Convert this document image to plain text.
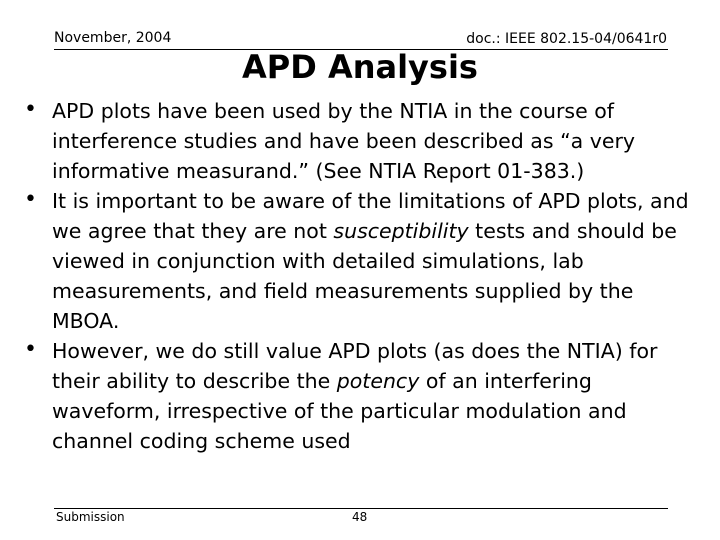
November, 2004	doc.: IEEE 802.15-04/0641r0
APD Analysis
• APD plots have been used by the NTIA in the course of interference studies and have been described as “a very informative measurand.” (See NTIA Report 01-383.)
• It is important to be aware of the limitations of APD plots, and we agree that they are not susceptibility tests and should be viewed in conjunction with detailed simulations, lab measurements, and field measurements supplied by the MBOA.
• However, we do still value APD plots (as does the NTIA) for their ability to describe the potency of an interfering waveform, irrespective of the particular modulation and channel coding scheme used
Submission	48
